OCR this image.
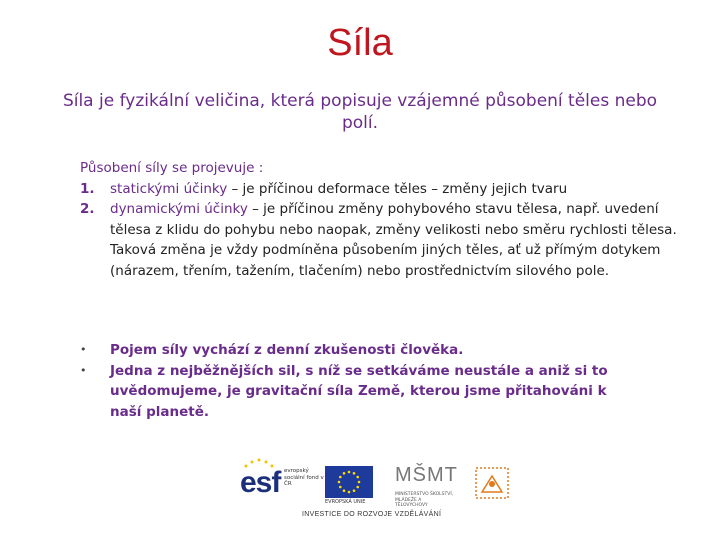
Síla
Síla je fyzikální veličina, která popisuje vzájemné působení těles nebo polí.
Působení síly se projevuje :
1. statickými účinky – je příčinou deformace těles – změny jejich tvaru
2. dynamickými účinky – je příčinou změny pohybového stavu tělesa, např. uvedení tělesa z klidu do pohybu nebo naopak, změny velikosti nebo směru rychlosti tělesa. Taková změna je vždy podmíněna působením jiných těles, ať už přímým dotykem (nárazem, třením, tažením, tlačením) nebo prostřednictvím silového pole.
• Pojem síly vychází z denní zkušenosti člověka.
• Jedna z nejběžnějších sil, s níž se setkáváme neustále a aniž si to uvědomujeme, je gravitační síla Země, kterou jsme přitahováni k naší planetě.
esf evropský sociální fond v ČR
EVROPSKÁ UNIE
MŠMT
MINISTERSTVO ŠKOLSTVÍ, MLÁDEŽE A TĚLOVÝCHOVY
INVESTICE DO ROZVOJE VZDĚLÁVÁNÍ
